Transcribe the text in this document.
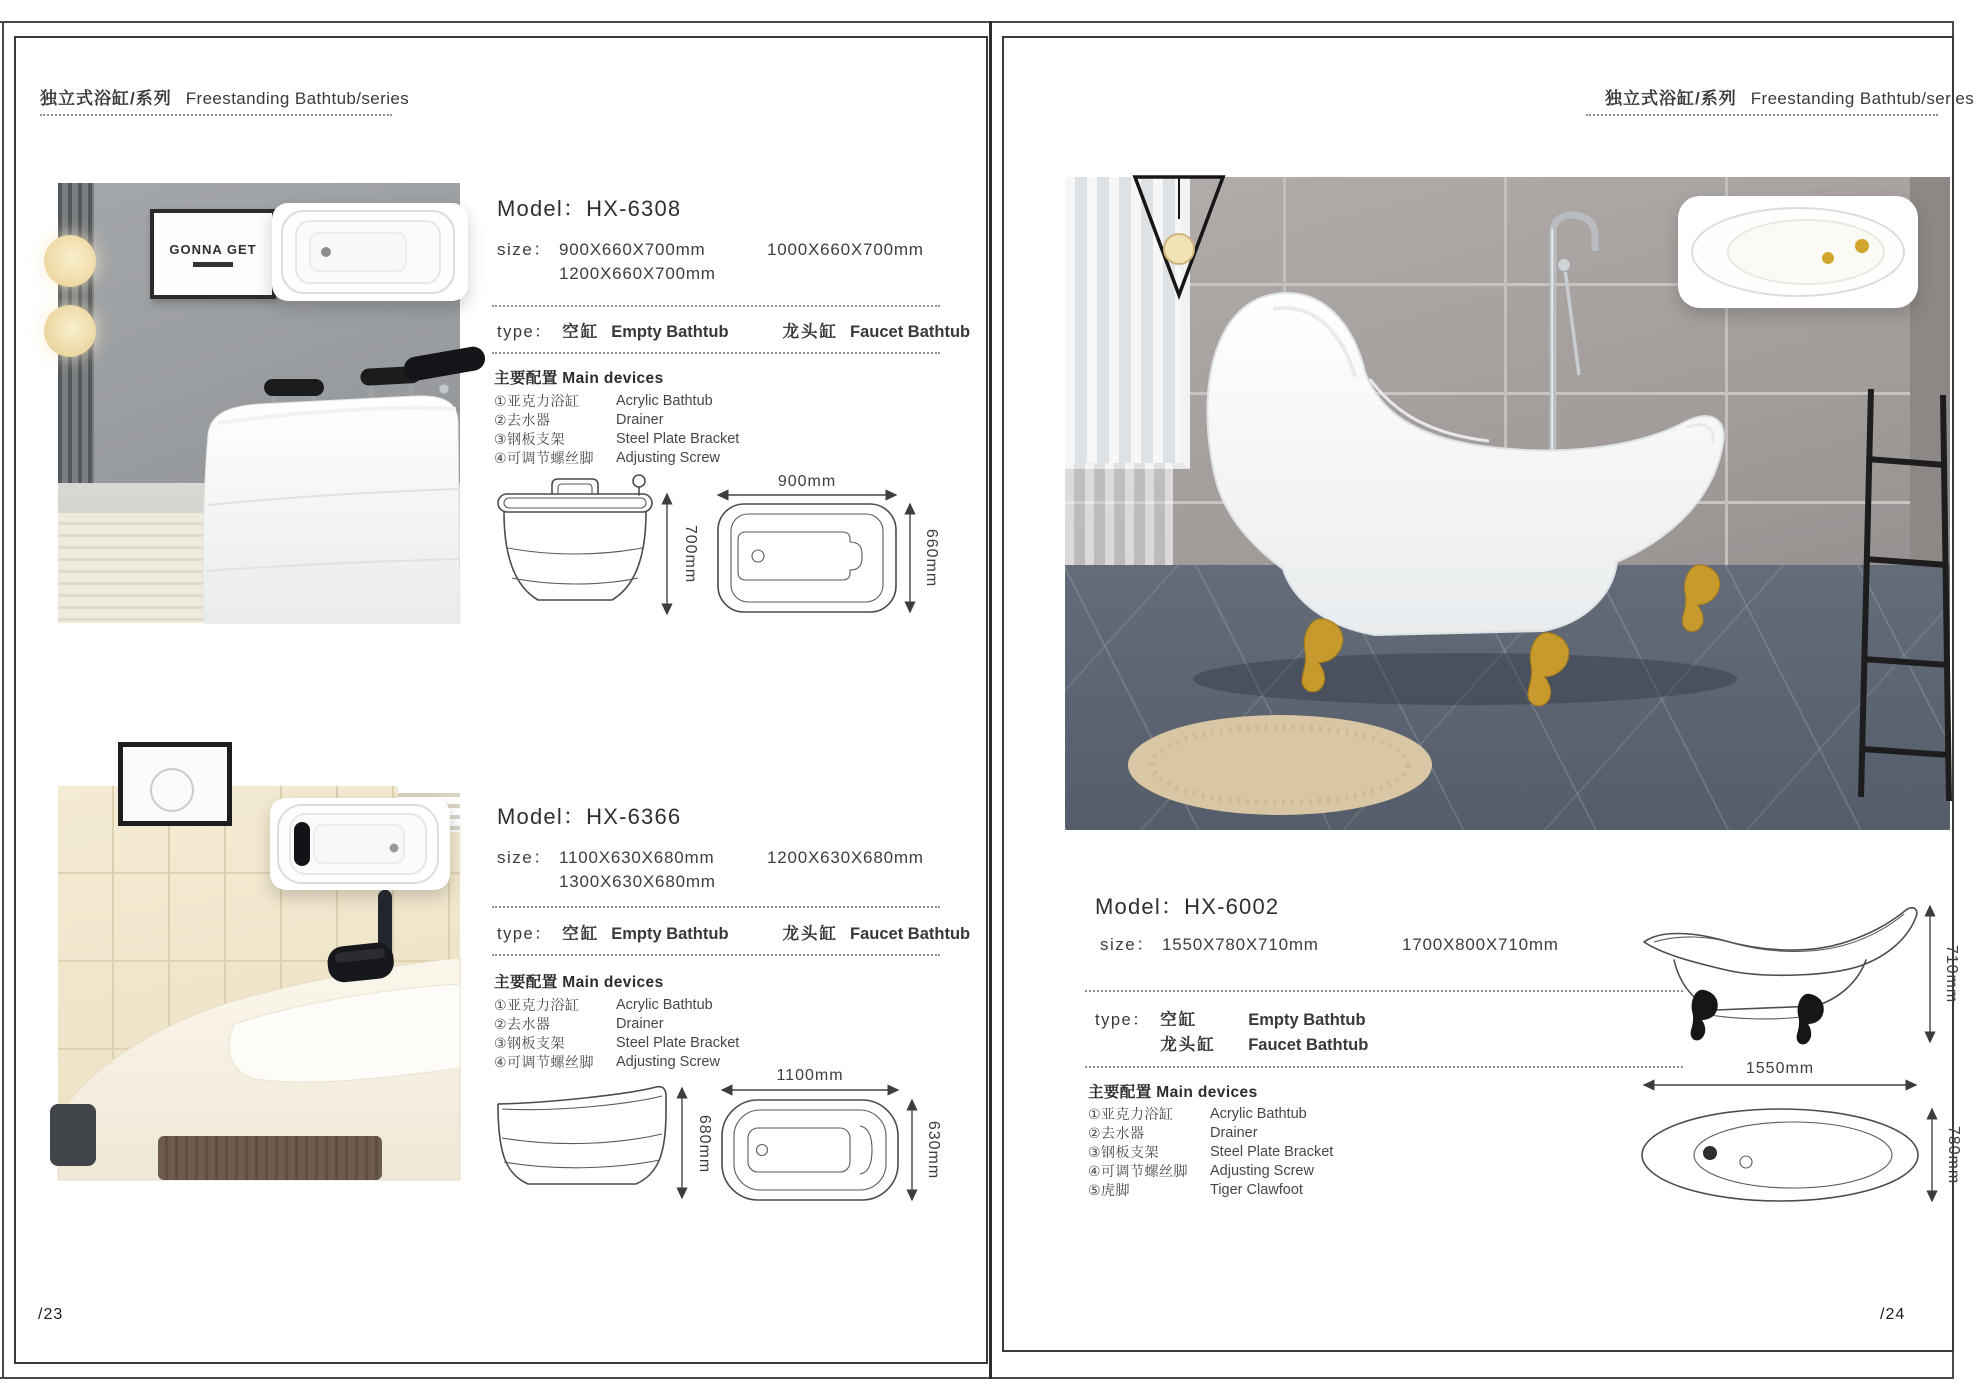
独立式浴缸/系列 Freestanding Bathtub/series
GONNA GET
Model：HX-6308
size： 900X660X700mm
1200X660X700mm
1000X660X700mm
type： 空缸 Empty Bathtub	龙头缸 Faucet Bathtub
主要配置 Main devices
①亚克力浴缸	Acrylic Bathtub
②去水器	Drainer
③钢板支架	Steel Plate Bracket
④可调节螺丝脚	Adjusting Screw
700mm
900mm
660mm
Model：HX-6366
size： 1100X630X680mm
1300X630X680mm
1200X630X680mm
type： 空缸 Empty Bathtub	龙头缸 Faucet Bathtub
主要配置 Main devices
①亚克力浴缸	Acrylic Bathtub
②去水器	Drainer
③钢板支架	Steel Plate Bracket
④可调节螺丝脚	Adjusting Screw
680mm
1100mm
630mm
/23
独立式浴缸/系列 Freestanding Bathtub/series
Model：HX-6002
size： 1550X780X710mm	1700X800X710mm
type： 空缸	Empty Bathtub
龙头缸	Faucet Bathtub
主要配置 Main devices
①亚克力浴缸	Acrylic Bathtub
②去水器	Drainer
③钢板支架	Steel Plate Bracket
④可调节螺丝脚	Adjusting Screw
⑤虎脚	Tiger Clawfoot
710mm
1550mm
780mm
/24
